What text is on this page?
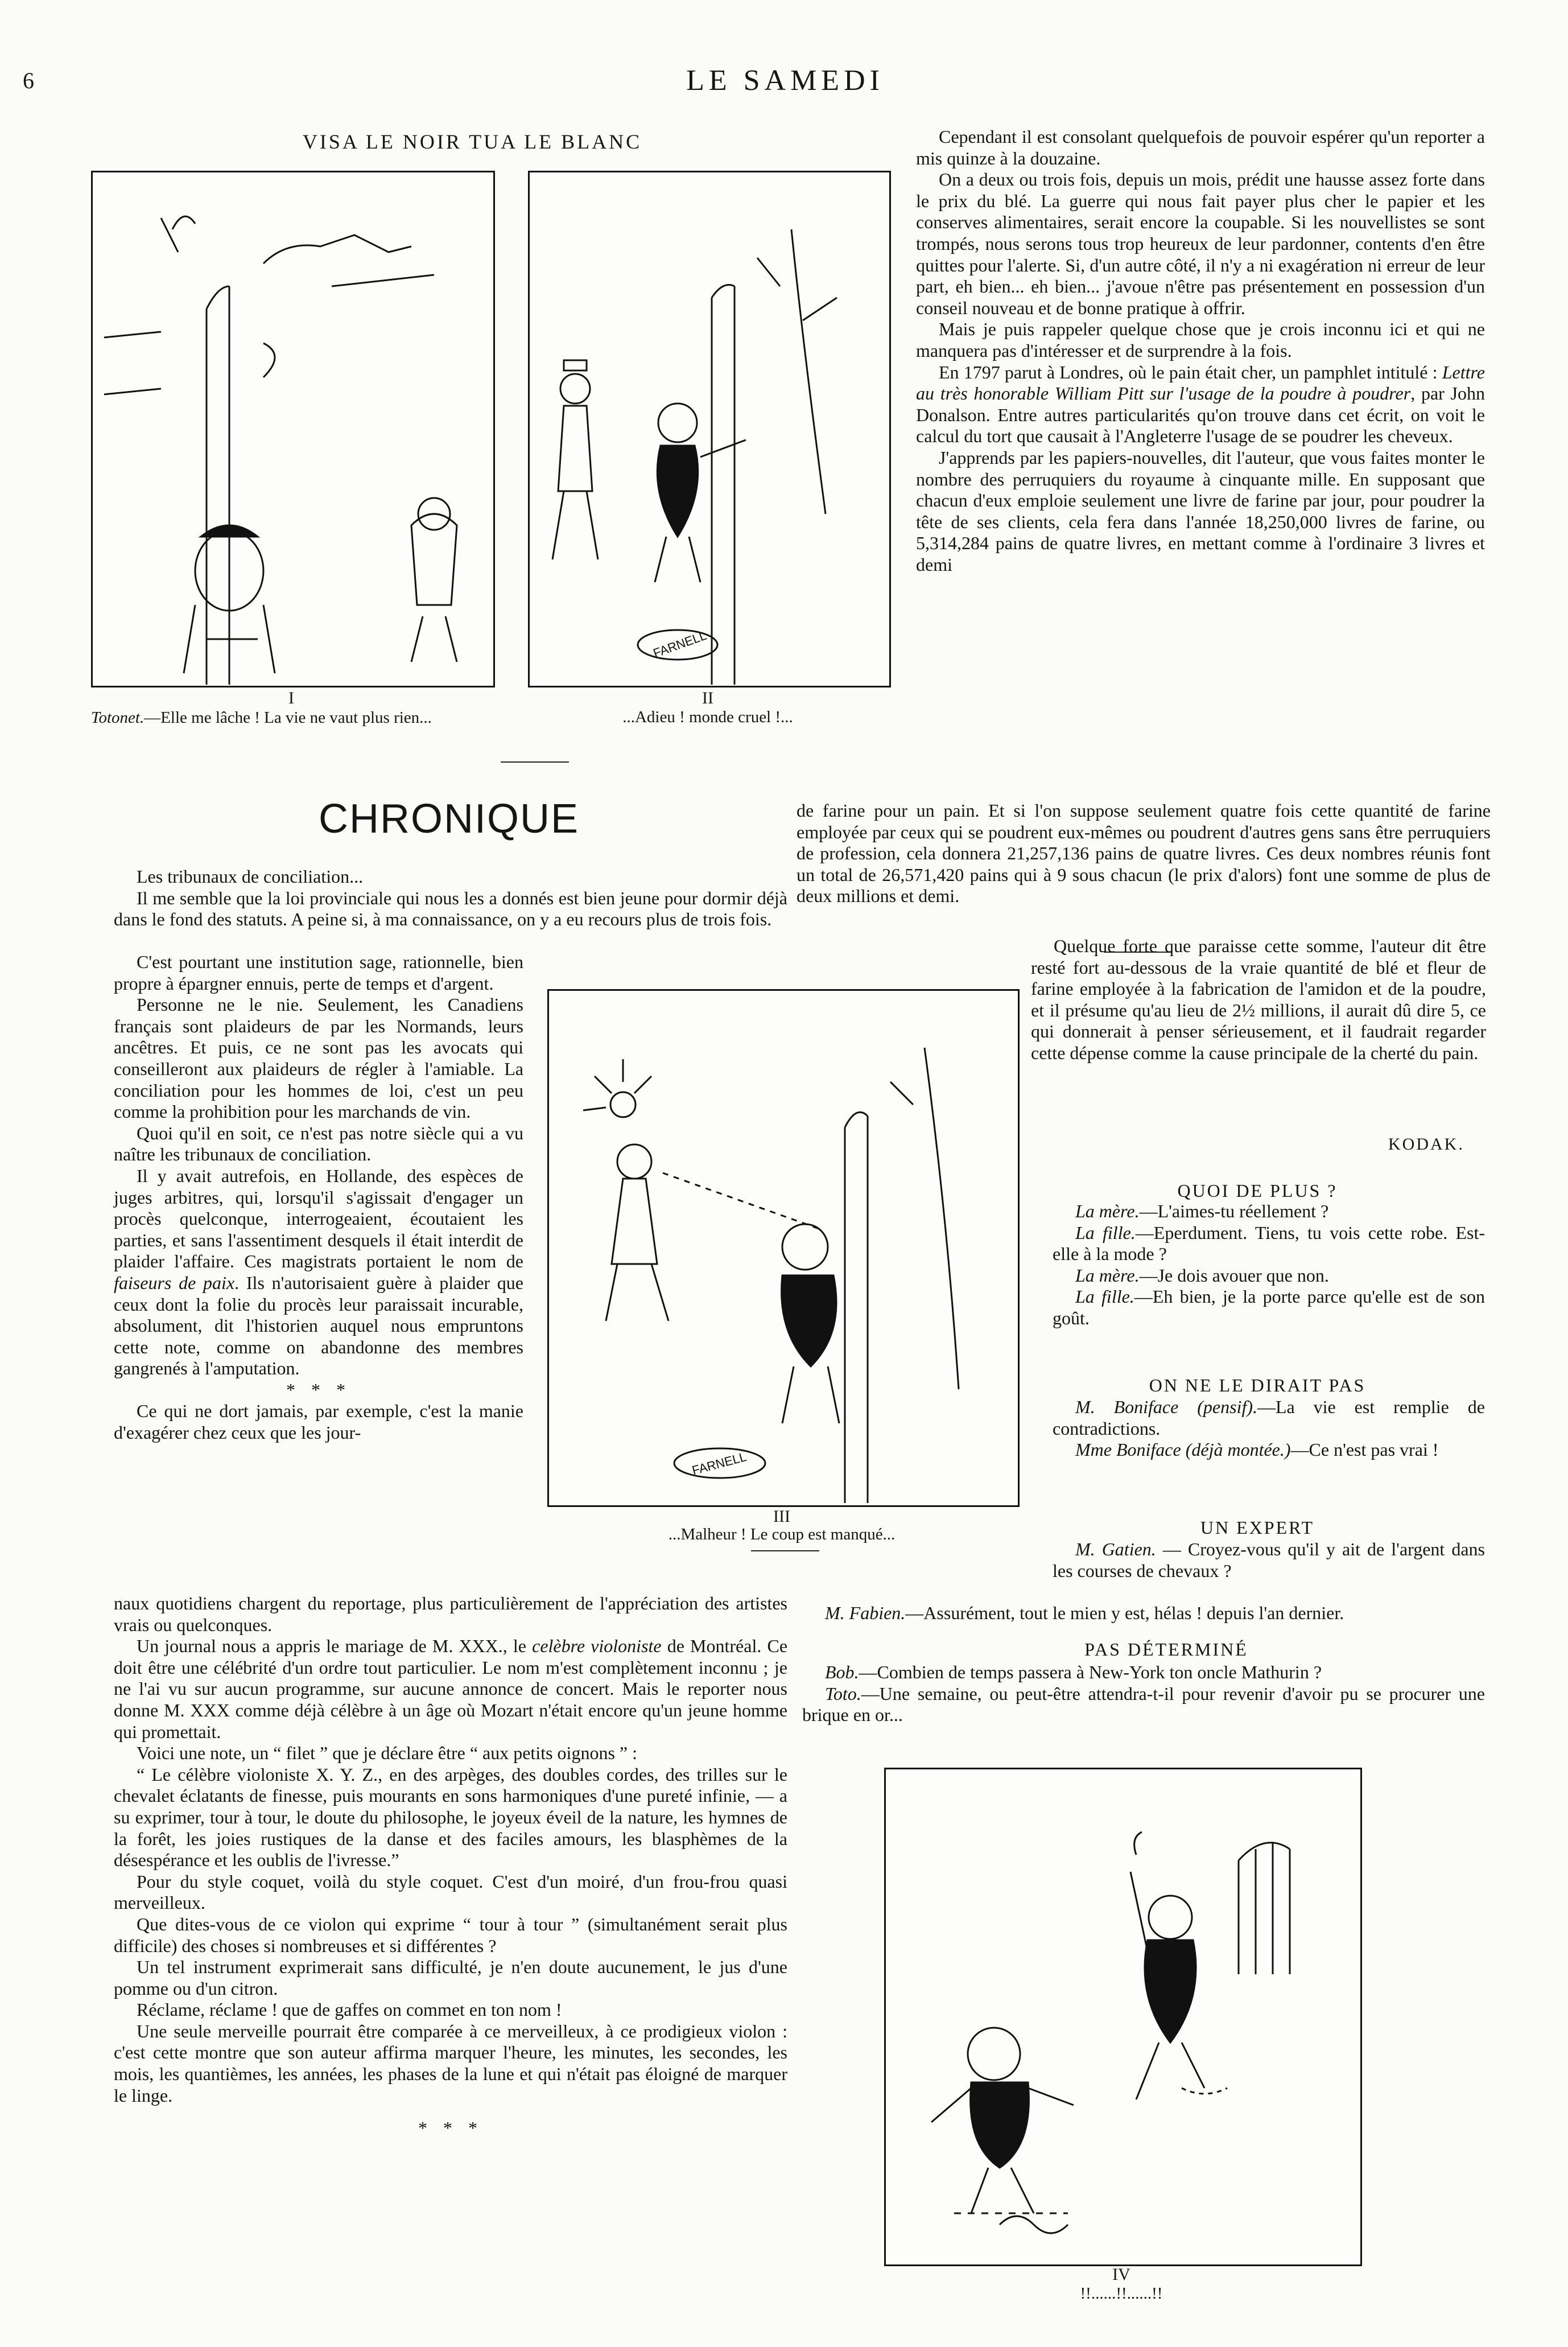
6	LE SAMEDI
VISA LE NOIR TUA LE BLANC
I
Totonet.—Elle me lâche ! La vie ne vaut plus rien...
FARNELL
II
...Adieu ! monde cruel !...
CHRONIQUE

Les tribunaux de conciliation...

Il me semble que la loi provinciale qui nous les a donnés est bien jeune pour dormir déjà dans le fond des statuts. A peine si, à ma connaissance, on y a eu recours plus de trois fois.

C'est pourtant une institution sage, rationnelle, bien propre à épargner ennuis, perte de temps et d'argent.

Personne ne le nie. Seulement, les Canadiens français sont plaideurs de par les Normands, leurs ancêtres. Et puis, ce ne sont pas les avocats qui conseilleront aux plaideurs de régler à l'amiable. La conciliation pour les hommes de loi, c'est un peu comme la prohibition pour les marchands de vin.

Quoi qu'il en soit, ce n'est pas notre siècle qui a vu naître les tribunaux de conciliation.

Il y avait autrefois, en Hollande, des espèces de juges arbitres, qui, lorsqu'il s'agissait d'engager un procès quelconque, interrogeaient, écoutaient les parties, et sans l'assentiment desquels il était interdit de plaider l'affaire. Ces magistrats portaient le nom de faiseurs de paix. Ils n'autorisaient guère à plaider que ceux dont la folie du procès leur paraissait incurable, absolument, dit l'historien auquel nous empruntons cette note, comme on abandonne des membres gangrenés à l'amputation.

* * *

Ce qui ne dort jamais, par exemple, c'est la manie d'exagérer chez ceux que les jour-

FARNELL
III
...Malheur ! Le coup est manqué...

naux quotidiens chargent du reportage, plus particulièrement de l'appréciation des artistes vrais ou quelconques.

Un journal nous a appris le mariage de M. XXX., le celèbre violoniste de Montréal. Ce doit être une célébrité d'un ordre tout particulier. Le nom m'est complètement inconnu ; je ne l'ai vu sur aucun programme, sur aucune annonce de concert. Mais le reporter nous donne M. XXX comme déjà célèbre à un âge où Mozart n'était encore qu'un jeune homme qui promettait.

Voici une note, un “ filet ” que je déclare être “ aux petits oignons ” :

“ Le célèbre violoniste X. Y. Z., en des arpèges, des doubles cordes, des trilles sur le chevalet éclatants de finesse, puis mourants en sons harmoniques d'une pureté infinie, — a su exprimer, tour à tour, le doute du philosophe, le joyeux éveil de la nature, les hymnes de la forêt, les joies rustiques de la danse et des faciles amours, les blasphèmes de la désespérance et les oublis de l'ivresse.”

Pour du style coquet, voilà du style coquet. C'est d'un moiré, d'un frou-frou quasi merveilleux.

Que dites-vous de ce violon qui exprime “ tour à tour ” (simultanément serait plus difficile) des choses si nombreuses et si différentes ?

Un tel instrument exprimerait sans difficulté, je n'en doute aucunement, le jus d'une pomme ou d'un citron.

Réclame, réclame ! que de gaffes on commet en ton nom !

Une seule merveille pourrait être comparée à ce merveilleux, à ce prodigieux violon : c'est cette montre que son auteur affirma marquer l'heure, les minutes, les secondes, les mois, les quantièmes, les années, les phases de la lune et qui n'était pas éloigné de marquer le linge.

* * *

Cependant il est consolant quelquefois de pouvoir espérer qu'un reporter a mis quinze à la douzaine.

On a deux ou trois fois, depuis un mois, prédit une hausse assez forte dans le prix du blé. La guerre qui nous fait payer plus cher le papier et les conserves alimentaires, serait encore la coupable. Si les nouvellistes se sont trompés, nous serons tous trop heureux de leur pardonner, contents d'en être quittes pour l'alerte. Si, d'un autre côté, il n'y a ni exagération ni erreur de leur part, eh bien... eh bien... j'avoue n'être pas présentement en possession d'un conseil nouveau et de bonne pratique à offrir.

Mais je puis rappeler quelque chose que je crois inconnu ici et qui ne manquera pas d'intéresser et de surprendre à la fois.

En 1797 parut à Londres, où le pain était cher, un pamphlet intitulé : Lettre au très honorable William Pitt sur l'usage de la poudre à poudrer, par John Donalson. Entre autres particularités qu'on trouve dans cet écrit, on voit le calcul du tort que causait à l'Angleterre l'usage de se poudrer les cheveux.

J'apprends par les papiers-nouvelles, dit l'auteur, que vous faites monter le nombre des perruquiers du royaume à cinquante mille. En supposant que chacun d'eux emploie seulement une livre de farine par jour, pour poudrer la tête de ses clients, cela fera dans l'année 18,250,000 livres de farine, ou 5,314,284 pains de quatre livres, en mettant comme à l'ordinaire 3 livres et demi

de farine pour un pain. Et si l'on suppose seulement quatre fois cette quantité de farine employée par ceux qui se poudrent eux-mêmes ou poudrent d'autres gens sans être perruquiers de profession, cela donnera 21,257,136 pains de quatre livres. Ces deux nombres réunis font un total de 26,571,420 pains qui à 9 sous chacun (le prix d'alors) font une somme de plus de deux millions et demi.

Quelque forte que paraisse cette somme, l'auteur dit être resté fort au-dessous de la vraie quantité de blé et fleur de farine employée à la fabrication de l'amidon et de la poudre, et il présume qu'au lieu de 2½ millions, il aurait dû dire 5, ce qui donnerait à penser sérieusement, et il faudrait regarder cette dépense comme la cause principale de la cherté du pain.

KODAK.
QUOI DE PLUS ?

La mère.—L'aimes-tu réellement ?

La fille.—Eperdument. Tiens, tu vois cette robe. Est-elle à la mode ?

La mère.—Je dois avouer que non.

La fille.—Eh bien, je la porte parce qu'elle est de son goût.

ON NE LE DIRAIT PAS

M. Boniface (pensif).—La vie est remplie de contradictions.

Mme Boniface (déjà montée.)—Ce n'est pas vrai !

UN EXPERT

M. Gatien. — Croyez-vous qu'il y ait de l'argent dans les courses de chevaux ?

M. Fabien.—Assurément, tout le mien y est, hélas ! depuis l'an dernier.

PAS DÉTERMINÉ

Bob.—Combien de temps passera à New-York ton oncle Mathurin ?

Toto.—Une semaine, ou peut-être attendra-t-il pour revenir d'avoir pu se procurer une brique en or...

IV
!!......!!......!!
